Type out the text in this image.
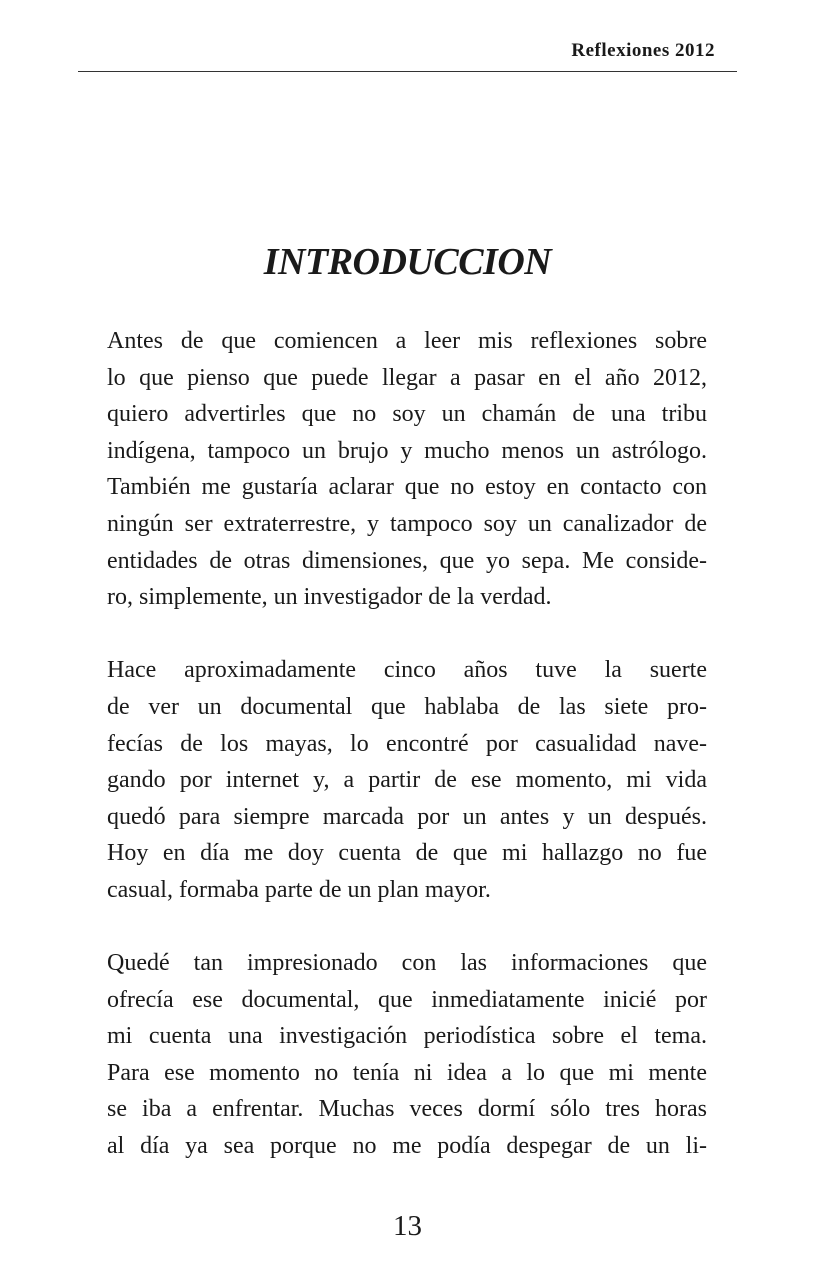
Reflexiones 2012
INTRODUCCION
Antes de que comiencen a leer mis reflexiones sobre
lo que pienso que puede llegar a pasar en el año 2012,
quiero advertirles que no soy un chamán de una tribu
indígena, tampoco un brujo y mucho menos un astrólogo.
También me gustaría aclarar que no estoy en contacto con
ningún ser extraterrestre, y tampoco soy un canalizador de
entidades de otras dimensiones, que yo sepa. Me conside-
ro, simplemente, un investigador de la verdad.
Hace aproximadamente cinco años tuve la suerte
de ver un documental que hablaba de las siete pro-
fecías de los mayas, lo encontré por casualidad nave-
gando por internet y, a partir de ese momento, mi vida
quedó para siempre marcada por un antes y un después.
Hoy en día me doy cuenta de que mi hallazgo no fue
casual, formaba parte de un plan mayor.
Quedé tan impresionado con las informaciones que
ofrecía ese documental, que inmediatamente inicié por
mi cuenta una investigación periodística sobre el tema.
Para ese momento no tenía ni idea a lo que mi mente
se iba a enfrentar. Muchas veces dormí sólo tres horas
al día ya sea porque no me podía despegar de un li-
13
